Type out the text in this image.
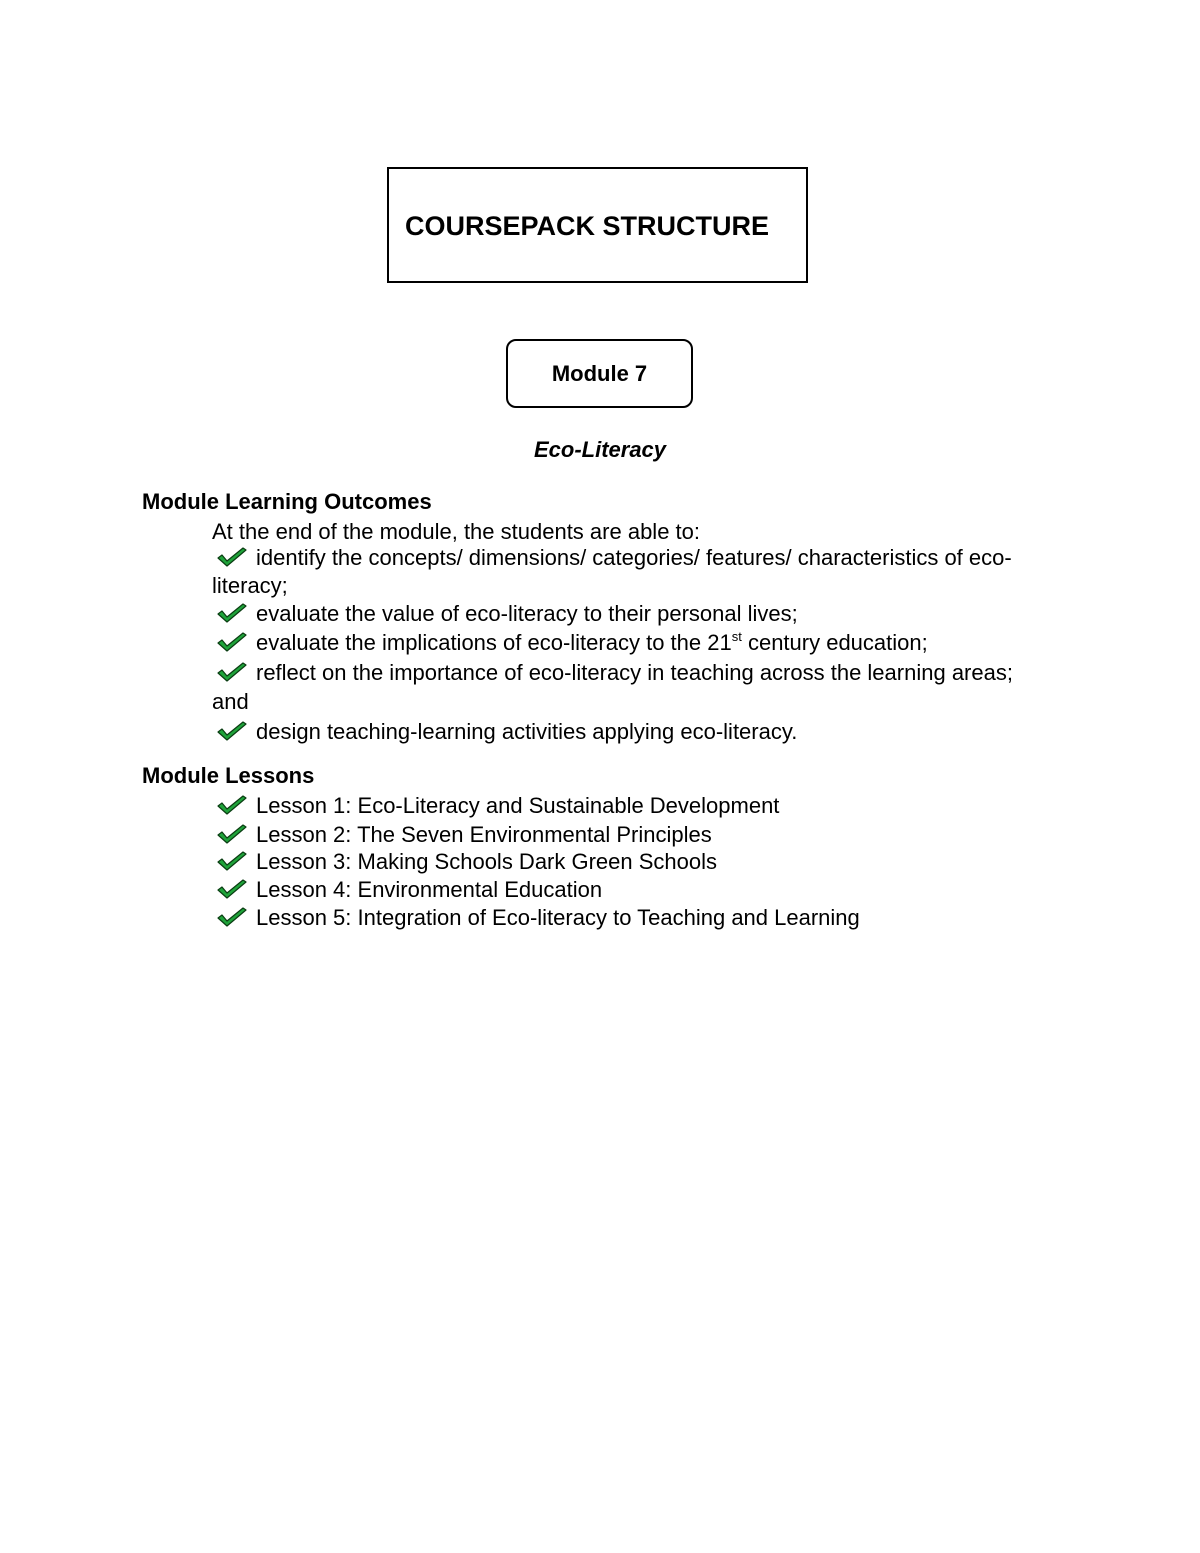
COURSEPACK STRUCTURE
Module 7
Eco-Literacy
Module Learning Outcomes
At the end of the module, the students are able to:
identify the concepts/ dimensions/ categories/ features/ characteristics of eco-
literacy;
evaluate the value of eco-literacy to their personal lives;
evaluate the implications of eco-literacy to the 21st century education;
reflect on the importance of eco-literacy in teaching across the learning areas;
and
design teaching-learning activities applying eco-literacy.
Module Lessons
Lesson 1: Eco-Literacy and Sustainable Development
Lesson 2: The Seven Environmental Principles
Lesson 3: Making Schools Dark Green Schools
Lesson 4: Environmental Education
Lesson 5: Integration of Eco-literacy to Teaching and Learning
